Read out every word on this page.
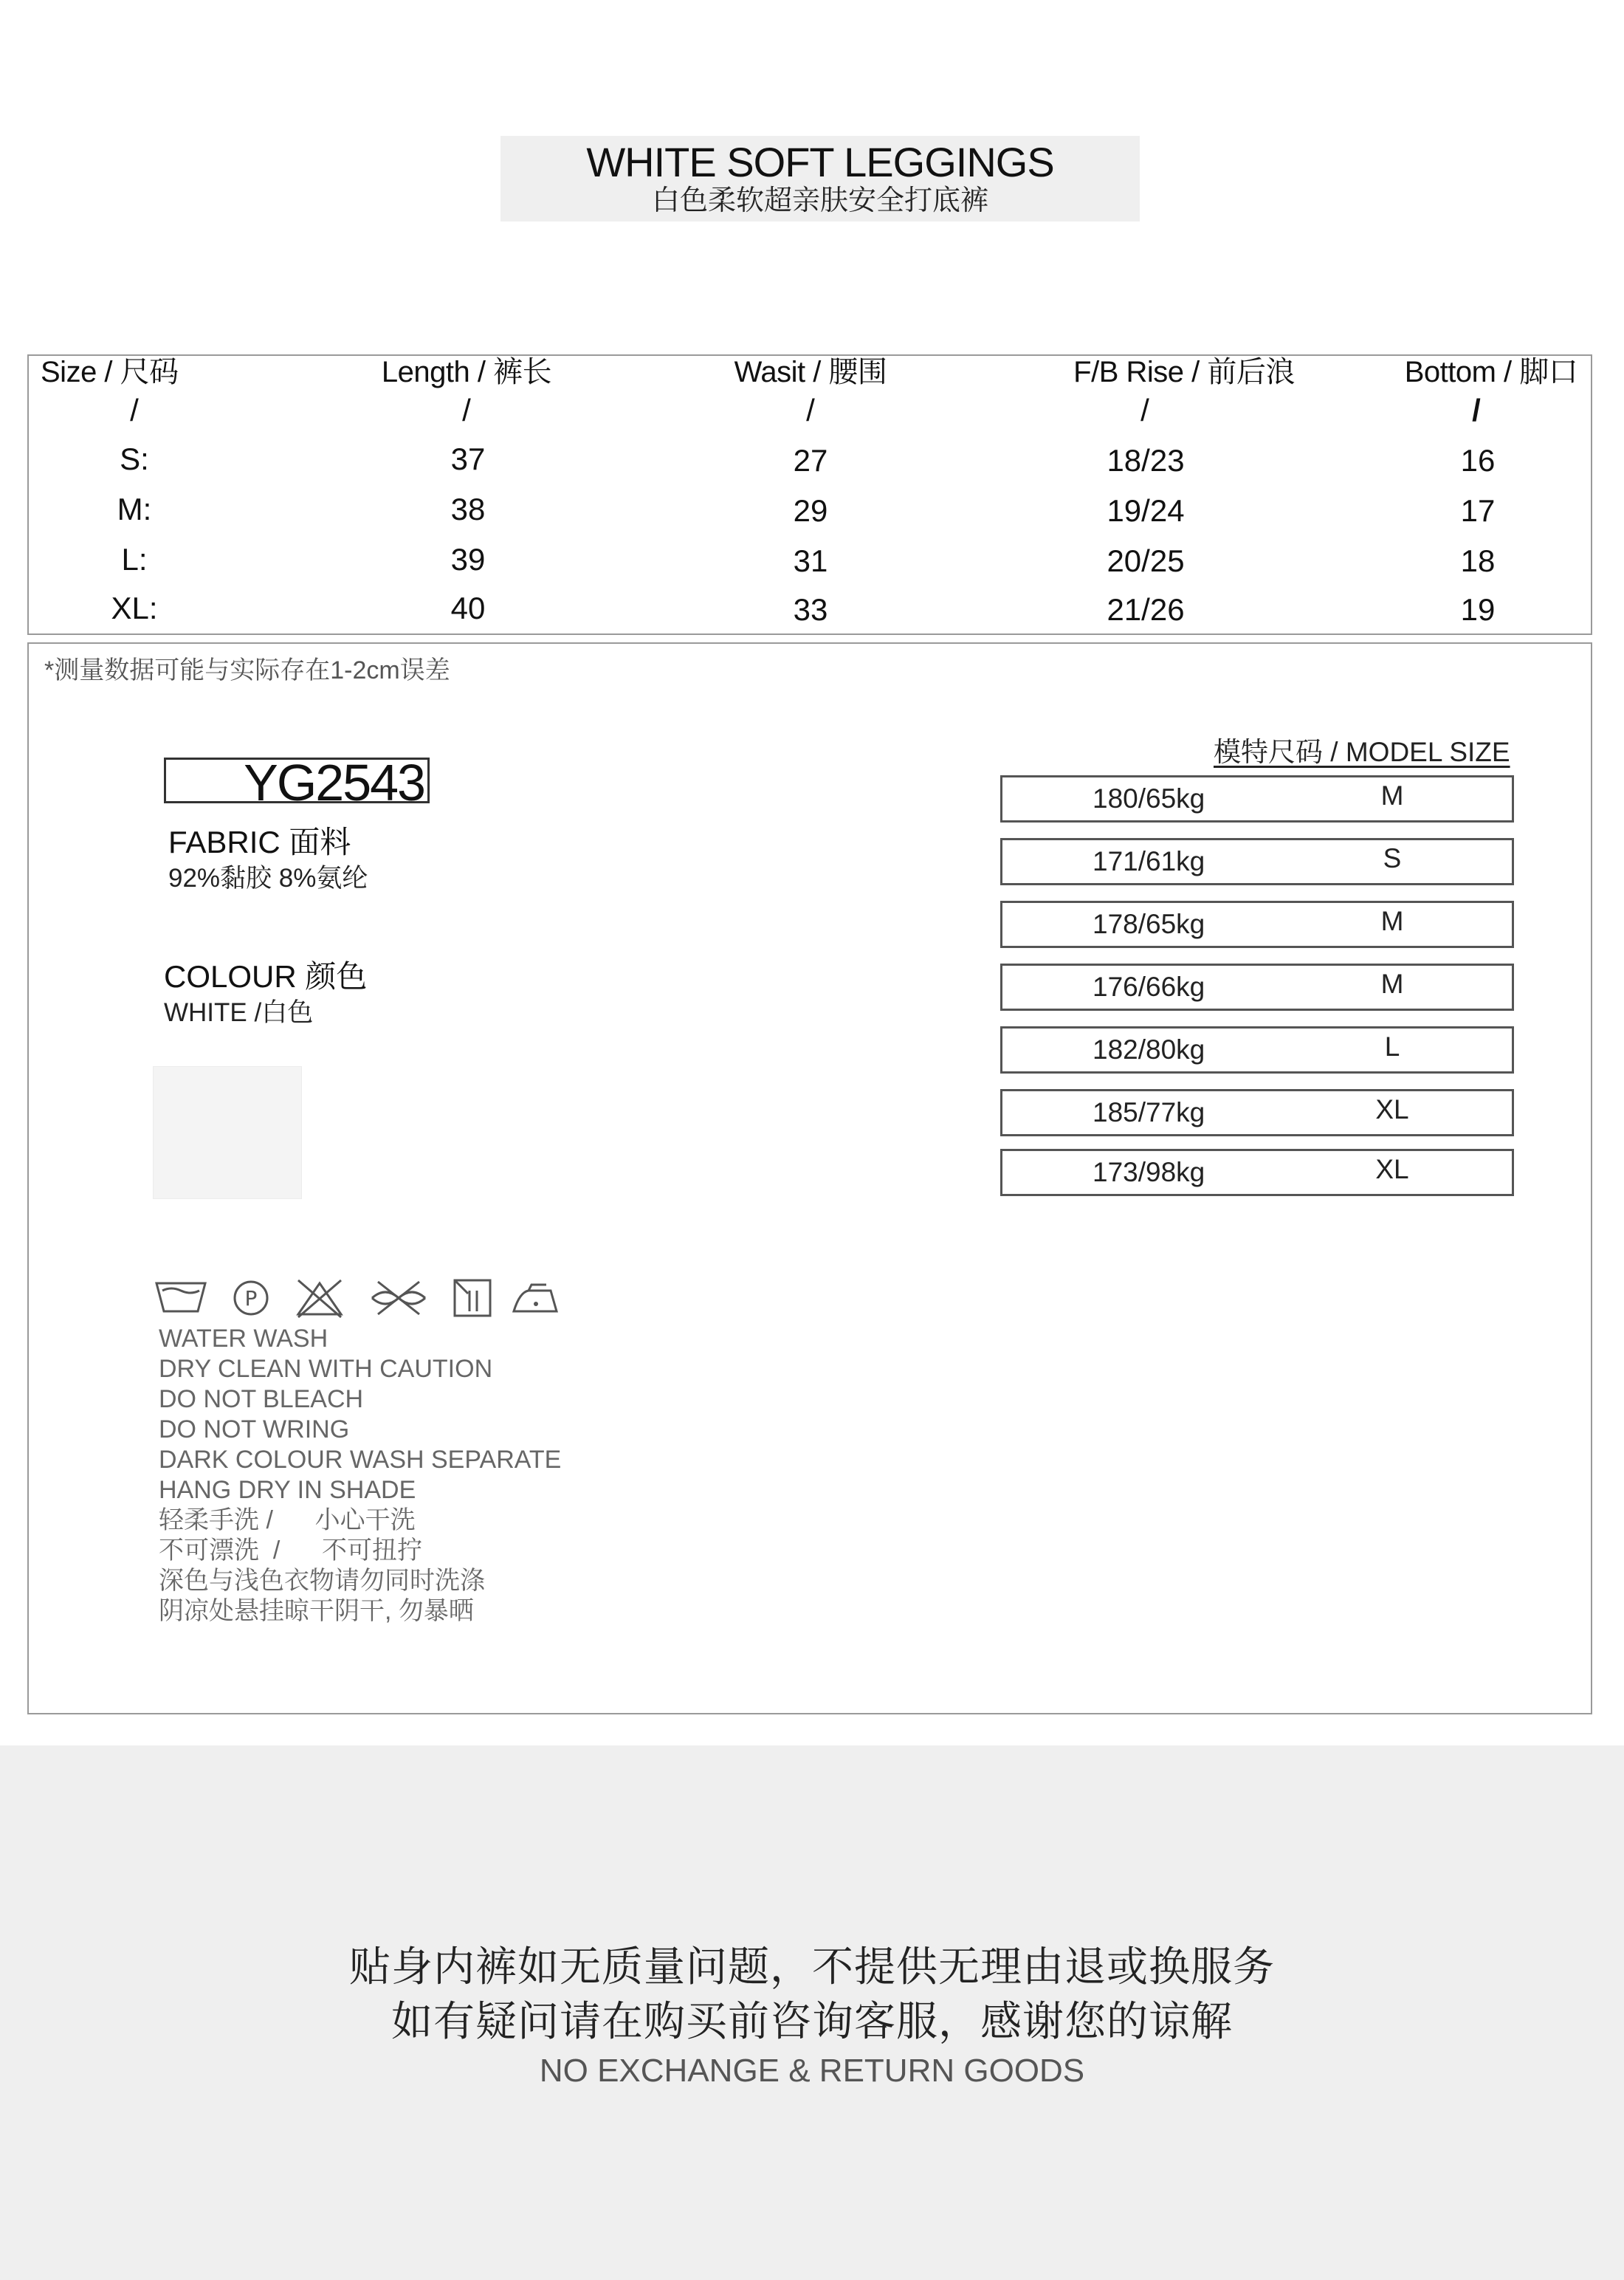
WHITE SOFT LEGGINGS
白色柔软超亲肤安全打底裤
Size / 尺码	Length / 裤长	Wasit / 腰围	F/B Rise / 前后浪	Bottom / 脚口
/	/	/	/	/
S:	37	27	18/23	16
M:	38	29	19/24	17
L:	39	31	20/25	18
XL:	40	33	21/26	19
*测量数据可能与实际存在1-2cm误差
YG2543
FABRIC 面料
92%黏胶 8%氨纶
COLOUR 颜色
WHITE /白色
模特尺码 / MODEL SIZE
180/65kg	M
171/61kg	S
178/65kg	M
176/66kg	M
182/80kg	L
185/77kg	XL
173/98kg	XL
P
WATER WASH
DRY CLEAN WITH CAUTION
DO NOT BLEACH
DO NOT WRING
DARK COLOUR WASH SEPARATE
HANG DRY IN SHADE
轻柔手洗 /      小心干洗
不可漂洗  /      不可扭拧
深色与浅色衣物请勿同时洗涤
阴凉处悬挂晾干阴干, 勿暴晒
贴身内裤如无质量问题，不提供无理由退或换服务
如有疑问请在购买前咨询客服，感谢您的谅解
NO EXCHANGE & RETURN GOODS
